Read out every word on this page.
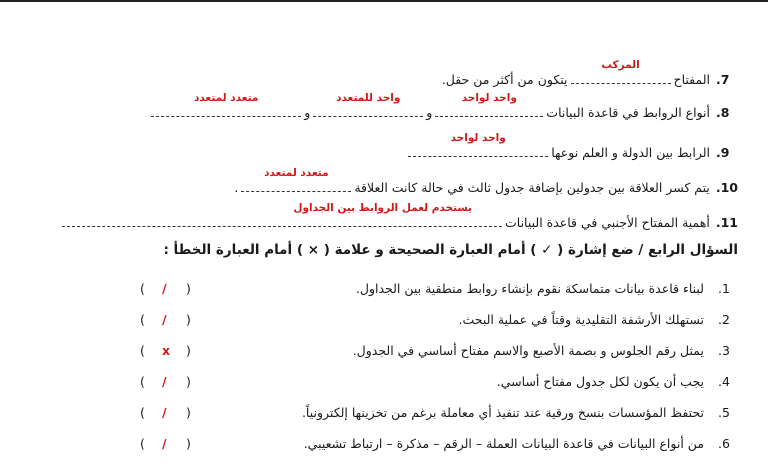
7.المفتاح
المركب
يتكون من أكثر من حقل.
8.أنواع الروابط في قاعدة البيانات
واحد لواحد
و
واحد للمتعدد
و
متعدد لمتعدد
9.الرابط بين الدولة و العلم نوعها
واحد لواحد
10.يتم كسر العلاقة بين جدولين بإضافة جدول ثالث في حالة كانت العلاقة
متعدد لمتعدد
.
11.أهمية المفتاح الأجنبي في قاعدة البيانات
يستخدم لعمل الروابط بين الجداول
السؤال الرابع / ضع إشارة ( ✓ ) أمام العبارة الصحيحة و علامة ( × ) أمام العبارة الخطأ :
1.لبناء قاعدة بيانات متماسكة نقوم بإنشاء روابط منطقية بين الجداول.
( / )
2.تستهلك الأرشفة التقليدية وقتاً في عملية البحث.
( / )
3.يمثل رقم الجلوس و بصمة الأصبع والاسم مفتاح أساسي في الجدول.
( x )
4.يجب أن يكون لكل جدول مفتاح أساسي.
( / )
5.تحتفظ المؤسسات بنسخ ورقية عند تنفيذ أي معاملة برغم من تخزينها إلكترونياً.
( / )
6.من أنواع البيانات في قاعدة البيانات العملة – الرقم – مذكرة – ارتباط تشعيبي.
( / )
